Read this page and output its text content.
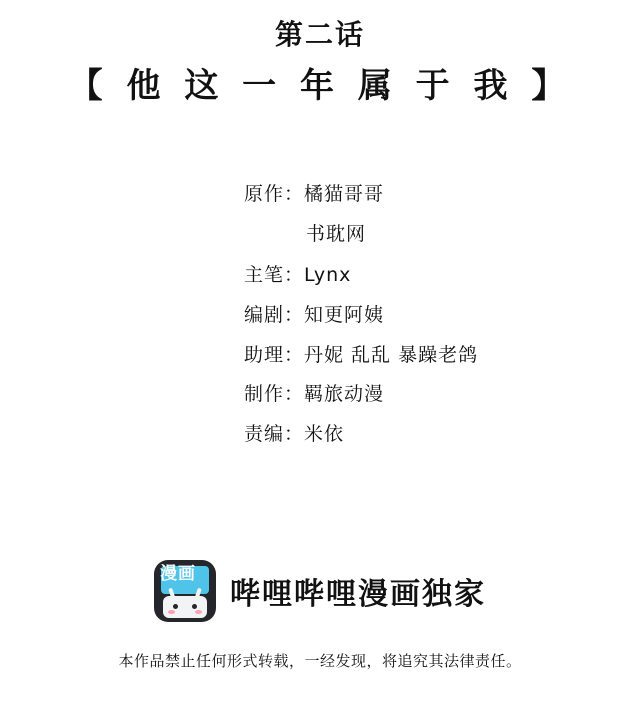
第二话
【 他 这 一 年 属 于 我 】
原作： 橘猫哥哥
书耽网
主笔： Lynx
编剧： 知更阿姨
助理： 丹妮 乱乱 暴躁老鸽
制作： 羁旅动漫
责编： 米依
漫画
哔哩哔哩漫画独家
本作品禁止任何形式转载，一经发现，将追究其法律责任。
